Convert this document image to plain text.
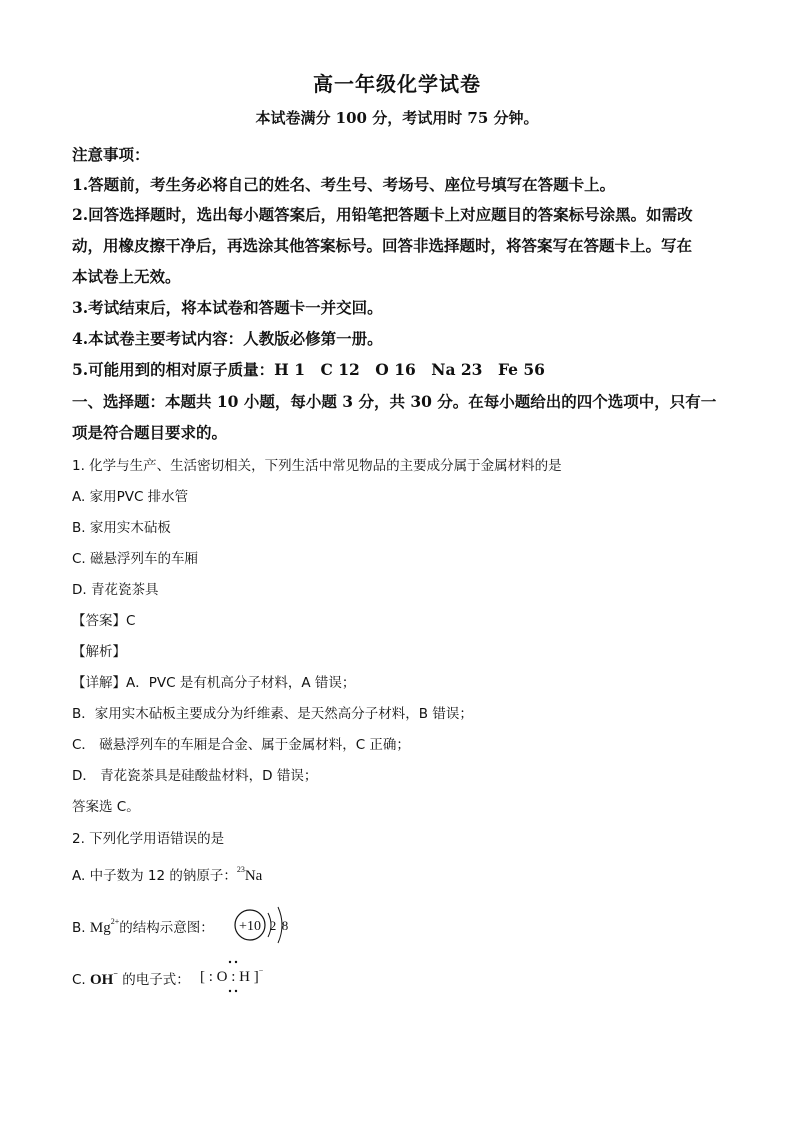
高一年级化学试卷
本试卷满分 100 分，考试用时 75 分钟。
注意事项：
1.答题前，考生务必将自己的姓名、考生号、考场号、座位号填写在答题卡上。
2.回答选择题时，选出每小题答案后，用铅笔把答题卡上对应题目的答案标号涂黑。如需改
动，用橡皮擦干净后，再选涂其他答案标号。回答非选择题时，将答案写在答题卡上。写在
本试卷上无效。
3.考试结束后，将本试卷和答题卡一并交回。
4.本试卷主要考试内容：人教版必修第一册。
5.可能用到的相对原子质量：H 1　C 12　O 16　Na 23　Fe 56
一、选择题：本题共 10 小题，每小题 3 分，共 30 分。在每小题给出的四个选项中，只有一
项是符合题目要求的。
1. 化学与生产、生活密切相关，下列生活中常见物品的主要成分属于金属材料的是
A. 家用PVC 排水管
B. 家用实木砧板
C. 磁悬浮列车的车厢
D. 青花瓷茶具
【答案】C
【解析】
【详解】A．PVC 是有机高分子材料，A 错误；
B．家用实木砧板主要成分为纤维素、是天然高分子材料，B 错误；
C． 磁悬浮列车的车厢是合金、属于金属材料，C 正确；
D． 青花瓷茶具是硅酸盐材料，D 错误；
答案选 C。
2. 下列化学用语错误的是
A. 中子数为 12 的钠原子：$^{23}$Na
B. $Mg^{2+}$的结构示意图：	+10 2 8
C. OH− 的电子式： [ : O : H ]−
